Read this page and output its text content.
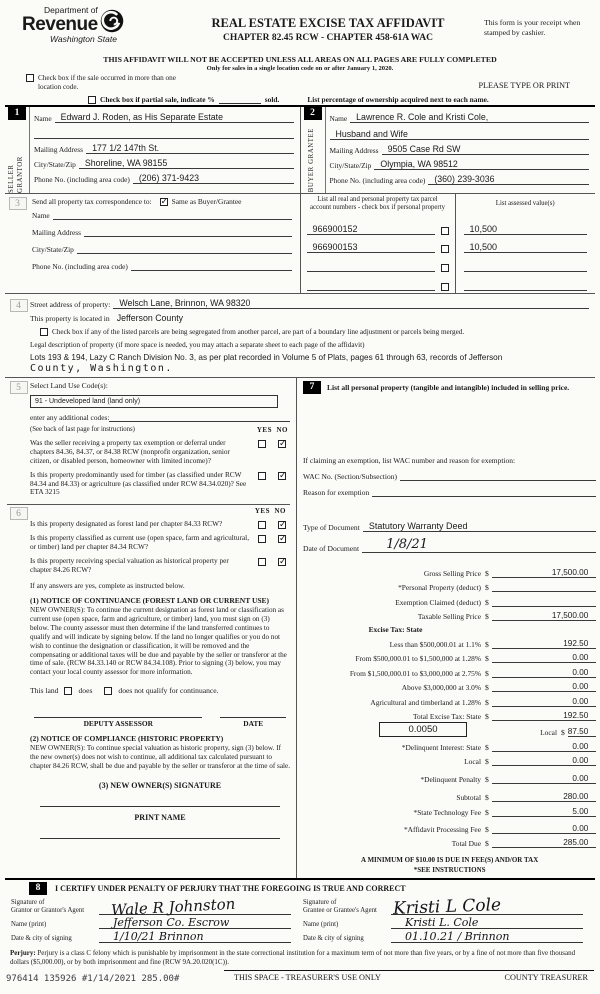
Department of
Revenue
Washington State
REAL ESTATE EXCISE TAX AFFIDAVIT
CHAPTER 82.45 RCW - CHAPTER 458-61A WAC
This form is your receipt when stamped by cashier.
THIS AFFIDAVIT WILL NOT BE ACCEPTED UNLESS ALL AREAS ON ALL PAGES ARE FULLY COMPLETED
Only for sales in a single location code on or after January 1, 2020.
Check box if the sale occurred in more than one location code.	PLEASE TYPE OR PRINT
Check box if partial sale, indicate %	sold.	List percentage of ownership acquired next to each name.
1
SELLER GRANTOR
Name	Edward J. Roden, as His Separate Estate
Mailing Address	177 1/2 147th St.
City/State/Zip	Shoreline, WA 98155
Phone No. (including area code)	(206) 371-9423
2
BUYER GRANTEE
Name	Lawrence R. Cole and Kristi Cole,
Husband and Wife
Mailing Address	9505 Case Rd SW
City/State/Zip	Olympia, WA 98512
Phone No. (including area code)	(360) 239-3036
3	Send all property tax correspondence to: ✓	Same as Buyer/Grantee
Name
Mailing Address
City/State/Zip
Phone No. (including area code)
List all real and personal property tax parcel account numbers - check box if personal property
966900152
966900153
List assessed value(s)
10,500
10,500
4	Street address of property:	Welsch Lane, Brinnon, WA 98320
This property is located in Jefferson County
Check box if any of the listed parcels are being segregated from another parcel, are part of a boundary line adjustment or parcels being merged.
Legal description of property (if more space is needed, you may attach a separate sheet to each page of the affidavit)
Lots 193 & 194, Lazy C Ranch Division No. 3, as per plat recorded in Volume 5 of Plats, pages 61 through 63, records of Jefferson
County, Washington.
5	Select Land Use Code(s):
91 - Undeveloped land (land only)
enter any additional codes:
(See back of last page for instructions)	YES NO
Was the seller receiving a property tax exemption or deferral under chapters 84.36, 84.37, or 84.38 RCW (nonprofit organization, senior citizen, or disabled person, homeowner with limited income)?
✓
Is this property predominantly used for timber (as classified under RCW 84.34 and 84.33) or agriculture (as classified under RCW 84.34.020)? See ETA 3215
✓
6	YES NO
Is this property designated as forest land per chapter 84.33 RCW?
✓
Is this property classified as current use (open space, farm and agricultural, or timber) land per chapter 84.34 RCW?
✓
Is this property receiving special valuation as historical property per chapter 84.26 RCW?
✓
If any answers are yes, complete as instructed below.
(1) NOTICE OF CONTINUANCE (FOREST LAND OR CURRENT USE)
NEW OWNER(S): To continue the current designation as forest land or classification as current use (open space, farm and agriculture, or timber) land, you must sign on (3) below. The county assessor must then determine if the land transferred continues to qualify and will indicate by signing below. If the land no longer qualifies or you do not wish to continue the designation or classification, it will be removed and the compensating or additional taxes will be due and payable by the seller or transferor at the time of sale. (RCW 84.33.140 or RCW 84.34.108). Prior to signing (3) below, you may contact your local county assessor for more information.
This land	does	does not qualify for continuance.
DEPUTY ASSESSOR	DATE
(2) NOTICE OF COMPLIANCE (HISTORIC PROPERTY)
NEW OWNER(S): To continue special valuation as historic property, sign (3) below. If the new owner(s) does not wish to continue, all additional tax calculated pursuant to chapter 84.26 RCW, shall be due and payable by the seller or transferor at the time of sale.
(3) NEW OWNER(S) SIGNATURE
PRINT NAME
7	List all personal property (tangible and intangible) included in selling price.
If claiming an exemption, list WAC number and reason for exemption:
WAC No. (Section/Subsection)
Reason for exemption
Type of Document	Statutory Warranty Deed
Date of Document	1/8/21
Gross Selling Price $	17,500.00
*Personal Property (deduct) $
Exemption Claimed (deduct) $
Taxable Selling Price $	17,500.00
Excise Tax: State
Less than $500,000.01 at 1.1% $	192.50
From $500,000.01 to $1,500,000 at 1.28% $	0.00
From $1,500,000.01 to $3,000,000 at 2.75% $	0.00
Above $3,000,000 at 3.0% $	0.00
Agricultural and timberland at 1.28% $	0.00
Total Excise Tax: State $	192.50
0.0050	Local $ 87.50
*Delinquent Interest: State $	0.00
Local $	0.00
*Delinquent Penalty $	0.00
Subtotal $	280.00
*State Technology Fee $	5.00
*Affidavit Processing Fee $	0.00
Total Due $	285.00
A MINIMUM OF $10.00 IS DUE IN FEE(S) AND/OR TAX
*SEE INSTRUCTIONS
8	I CERTIFY UNDER PENALTY OF PERJURY THAT THE FOREGOING IS TRUE AND CORRECT
Signature of
Grantor or Grantor's Agent	Wale R Johnston
Name (print)	Jefferson Co. Escrow
Date & city of signing	1/10/21 Brinnon
Signature of
Grantee or Grantee's Agent Kristi L Cole
Name (print)	Kristi L. Cole
Date & city of signing	01.10.21 / Brinnon
Perjury: Perjury is a class C felony which is punishable by imprisonment in the state correctional institution for a maximum term of not more than five years, or by a fine of not more than five thousand dollars ($5,000.00), or by both imprisonment and fine (RCW 9A.20.020(1C)).
976414 135926 #1/14/2021 285.00#	THIS SPACE - TREASURER'S USE ONLY	COUNTY TREASURER
